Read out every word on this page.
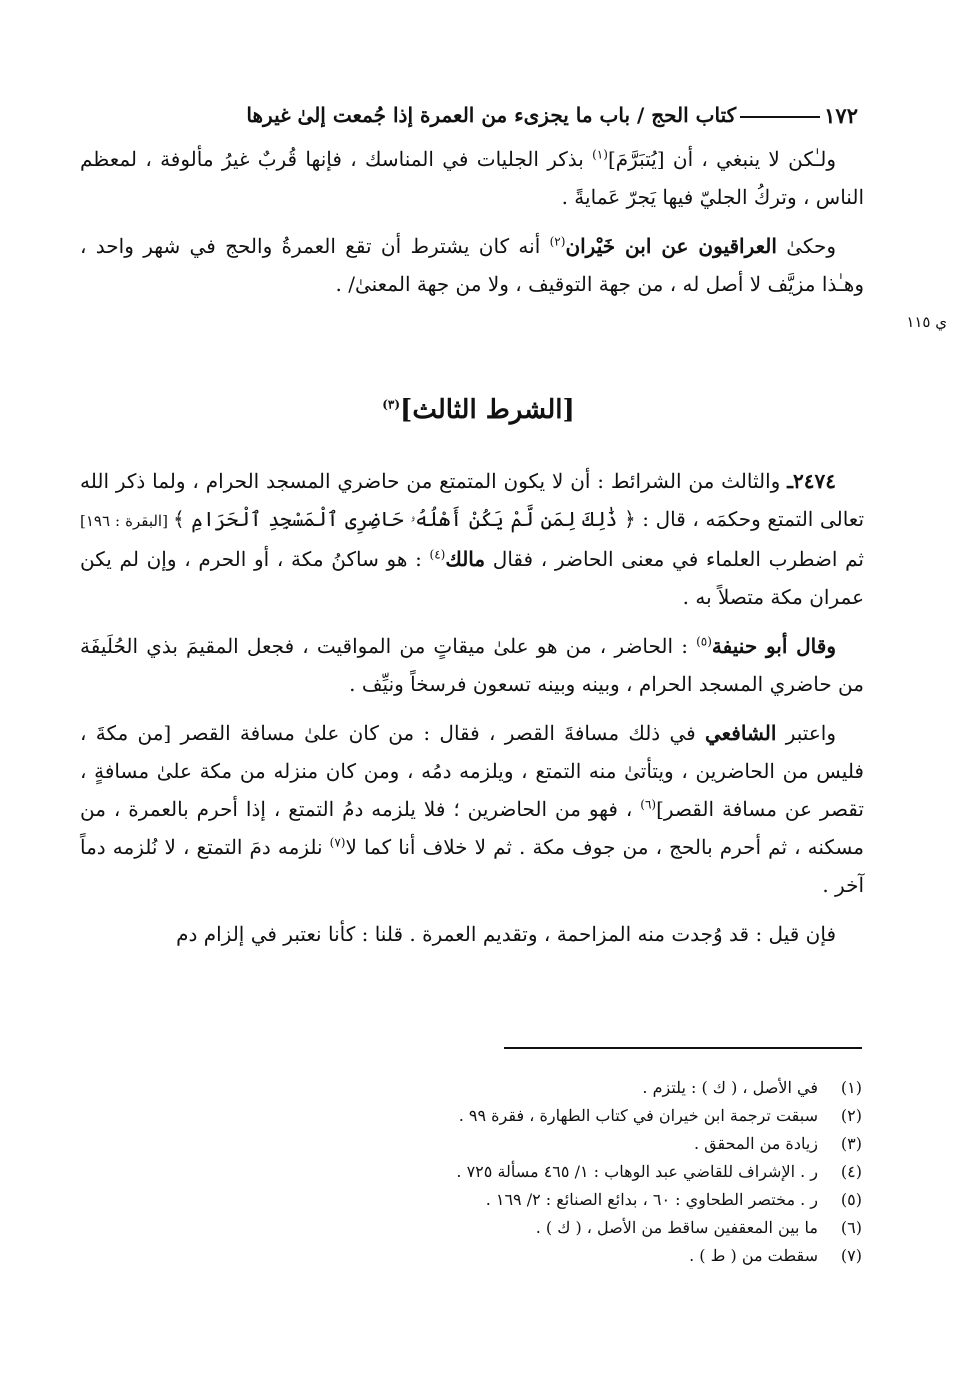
١٧٢
كتاب الحج / باب ما يجزىء من العمرة إذا جُمعت إلىٰ غيرها
ي ١١٥

ولـٰكن لا ينبغي ، أن [يُتبَرَّمَ]$^{(١)}$ بذكر الجليات في المناسك ، فإنها قُربٌ غيرُ مألوفة ، لمعظم الناس ، وتركُ الجليّ فيها يَجرّ عَمايةً .

وحكىٰ العراقيون عن ابن خَيْران$^{(٢)}$ أنه كان يشترط أن تقع العمرةُ والحج في شهر واحد ، وهـٰذا مزيَّف لا أصل له ، من جهة التوقيف ، ولا من جهة المعنىٰ/ .

[الشرط الثالث]$^{(٣)}$

٢٤٧٤ـ والثالث من الشرائط : أن لا يكون المتمتع من حاضري المسجد الحرام ، ولما ذكر الله تعالى التمتع وحكمَه ، قال : ﴿ ذَٰلِكَ لِمَن لَّمْ يَكُنْ أَهْلُهُۥ حَاضِرِى ٱلْمَسْجِدِ ٱلْحَرَامِ ﴾ [البقرة : ١٩٦] ثم اضطرب العلماء في معنى الحاضر ، فقال مالك$^{(٤)}$ : هو ساكنُ مكة ، أو الحرم ، وإن لم يكن عمران مكة متصلاً به .

وقال أبو حنيفة$^{(٥)}$ : الحاضر ، من هو علىٰ ميقاتٍ من المواقيت ، فجعل المقيمَ بذي الحُلَيفَة من حاضري المسجد الحرام ، وبينه وبينه تسعون فرسخاً ونيِّف .

واعتبر الشافعي في ذلك مسافةَ القصر ، فقال : من كان علىٰ مسافة القصر [من مكةَ ، فليس من الحاضرين ، ويتأتىٰ منه التمتع ، ويلزمه دمُه ، ومن كان منزله من مكة علىٰ مسافةٍ ، تقصر عن مسافة القصر]$^{(٦)}$ ، فهو من الحاضرين ؛ فلا يلزمه دمُ التمتع ، إذا أحرم بالعمرة ، من مسكنه ، ثم أحرم بالحج ، من جوف مكة . ثم لا خلاف أنا كما لا$^{(٧)}$ نلزمه دمَ التمتع ، لا نُلزمه دماً آخر .

فإن قيل : قد وُجدت منه المزاحمة ، وتقديم العمرة . قلنا : كأنا نعتبر في إلزام دم

(١)
في الأصل ، ( ك ) : يلتزم .
(٢)
سبقت ترجمة ابن خيران في كتاب الطهارة ، فقرة ٩٩ .
(٣)
زيادة من المحقق .
(٤)
ر . الإشراف للقاضي عبد الوهاب : ١/ ٤٦٥ مسألة ٧٢٥ .
(٥)
ر . مختصر الطحاوي : ٦٠ ، بدائع الصنائع : ٢/ ١٦٩ .
(٦)
ما بين المعقفين ساقط من الأصل ، ( ك ) .
(٧)
سقطت من ( ط ) .
